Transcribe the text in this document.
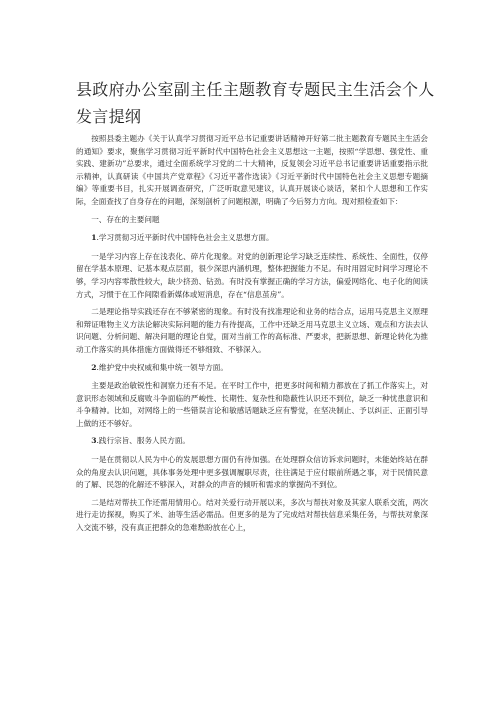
县政府办公室副主任主题教育专题民主生活会个人
发言提纲

按照县委主题办《关于认真学习贯彻习近平总书记重要讲话精神开好第二批主题教育专题民主生活会的通知》要求，聚焦学习贯彻习近平新时代中国特色社会主义思想这一主题，按照“学思想、强党性、重实践、建新功”总要求，通过全面系统学习党的二十大精神，反复领会习近平总书记重要讲话重要指示批示精神，认真研读《中国共产党章程》《习近平著作选读》《习近平新时代中国特色社会主义思想专题摘编》等重要书目，扎实开展调查研究，广泛听取意见建议，认真开展谈心谈话，紧扣个人思想和工作实际，全面查找了自身存在的问题，深刻剖析了问题根源，明确了今后努力方向。现对照检查如下：

一、存在的主要问题

1.学习贯彻习近平新时代中国特色社会主义思想方面。

一是学习内容上存在浅表化、碎片化现象。对党的创新理论学习缺乏连续性、系统性、全面性，仅停留在学基本原理、记基本观点层面，很少深思内涵机理，整体把握能力不足。有时用固定时间学习理论不够，学习内容零散性较大，缺少挤劲、钻劲。有时没有掌握正确的学习方法，偏爱网络化、电子化的阅读方式，习惯于在工作间隙看新媒体或短消息，存在“信息茧房”。

二是理论指导实践还存在不够紧密的现象。有时没有找准理论和业务的结合点，运用马克思主义原理和辩证唯物主义方法论解决实际问题的能力有待提高，工作中还缺乏用马克思主义立场、观点和方法去认识问题、分析问题、解决问题的理论自觉，面对当前工作的高标准、严要求，把新思想、新理论转化为推动工作落实的具体措施方面做得还不够细致、不够深入。

2.维护党中央权威和集中统一领导方面。

主要是政治敏锐性和洞察力还有不足。在平时工作中，把更多时间和精力都放在了抓工作落实上，对意识形态领域和反腐败斗争面临的严峻性、长期性、复杂性和隐蔽性认识还不到位，缺乏一种忧患意识和斗争精神。比如，对网络上的一些错误言论和敏感话题缺乏应有警觉，在坚决制止、予以纠正、正面引导上做的还不够好。

3.践行宗旨、服务人民方面。

一是在贯彻以人民为中心的发展思想方面仍有待加强。在处理群众信访诉求问题时，未能始终站在群众的角度去认识问题，具体事务处理中更多强调履职尽责，往往满足于应付眼前所遇之事，对于民情民意的了解、民怨的化解还不够深入，对群众的声音的倾听和需求的掌握尚不到位。

二是结对帮扶工作还需用情用心。结对关爱行动开展以来，多次与帮扶对象及其家人联系交流，两次进行走访探视，购买了米、油等生活必需品。但更多的是为了完成结对帮扶信息采集任务，与帮扶对象深入交流不够，没有真正把群众的急难愁盼放在心上，
